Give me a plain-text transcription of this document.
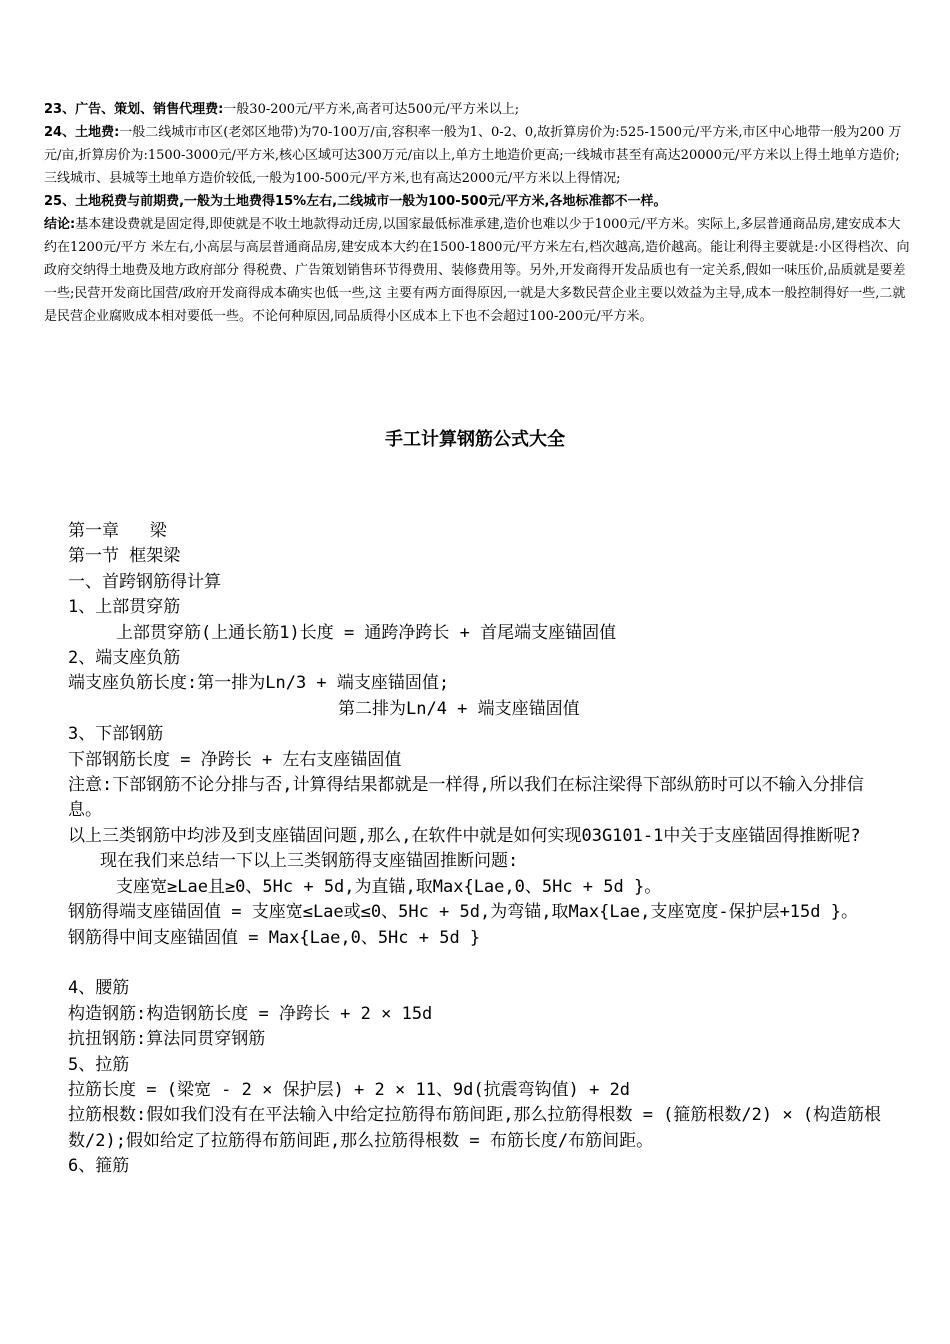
23、广告、策划、销售代理费:一般30-200元/平方米,高者可达500元/平方米以上;

24、土地费:一般二线城市市区(老郊区地带)为70-100万/亩,容积率一般为1、0-2、0,故折算房价为:525-1500元/平方米,市区中心地带一般为200 万元/亩,折算房价为:1500-3000元/平方米,核心区域可达300万元/亩以上,单方土地造价更高;一线城市甚至有高达20000元/平方米以上得土地单方造价; 三线城市、县城等土地单方造价较低,一般为100-500元/平方米,也有高达2000元/平方米以上得情况;

25、土地税费与前期费,一般为土地费得15%左右,二线城市一般为100-500元/平方米,各地标准都不一样。

结论:基本建设费就是固定得,即使就是不收土地款得动迁房,以国家最低标准承建,造价也难以少于1000元/平方米。实际上,多层普通商品房,建安成本大约在1200元/平方 米左右,小高层与高层普通商品房,建安成本大约在1500-1800元/平方米左右,档次越高,造价越高。能让利得主要就是:小区得档次、向政府交纳得土地费及地方政府部分 得税费、广告策划销售环节得费用、装修费用等。另外,开发商得开发品质也有一定关系,假如一味压价,品质就是要差一些;民营开发商比国营/政府开发商得成本确实也低一些,这 主要有两方面得原因,一就是大多数民营企业主要以效益为主导,成本一般控制得好一些,二就是民营企业腐败成本相对要低一些。不论何种原因,同品质得小区成本上下也不会超过100-200元/平方米。

手工计算钢筋公式大全

第一章   梁

第一节 框架梁

一、首跨钢筋得计算

1、上部贯穿筋

上部贯穿筋(上通长筋1)长度 = 通跨净跨长 + 首尾端支座锚固值

2、端支座负筋

端支座负筋长度:第一排为Ln/3 + 端支座锚固值;

第二排为Ln/4 + 端支座锚固值

3、下部钢筋

下部钢筋长度 = 净跨长 + 左右支座锚固值

注意:下部钢筋不论分排与否,计算得结果都就是一样得,所以我们在标注梁得下部纵筋时可以不输入分排信息。

以上三类钢筋中均涉及到支座锚固问题,那么,在软件中就是如何实现03G101-1中关于支座锚固得推断呢?

现在我们来总结一下以上三类钢筋得支座锚固推断问题:

支座宽≥Lae且≥0、5Hc + 5d,为直锚,取Max{Lae,0、5Hc + 5d }。

钢筋得端支座锚固值 = 支座宽≤Lae或≤0、5Hc + 5d,为弯锚,取Max{Lae,支座宽度-保护层+15d }。

钢筋得中间支座锚固值 = Max{Lae,0、5Hc + 5d }

4、腰筋

构造钢筋:构造钢筋长度 = 净跨长 + 2 × 15d

抗扭钢筋:算法同贯穿钢筋

5、拉筋

拉筋长度 = (梁宽 - 2 × 保护层) + 2 × 11、9d(抗震弯钩值) + 2d

拉筋根数:假如我们没有在平法输入中给定拉筋得布筋间距,那么拉筋得根数 = (箍筋根数/2) × (构造筋根数/2);假如给定了拉筋得布筋间距,那么拉筋得根数 = 布筋长度/布筋间距。

6、箍筋
